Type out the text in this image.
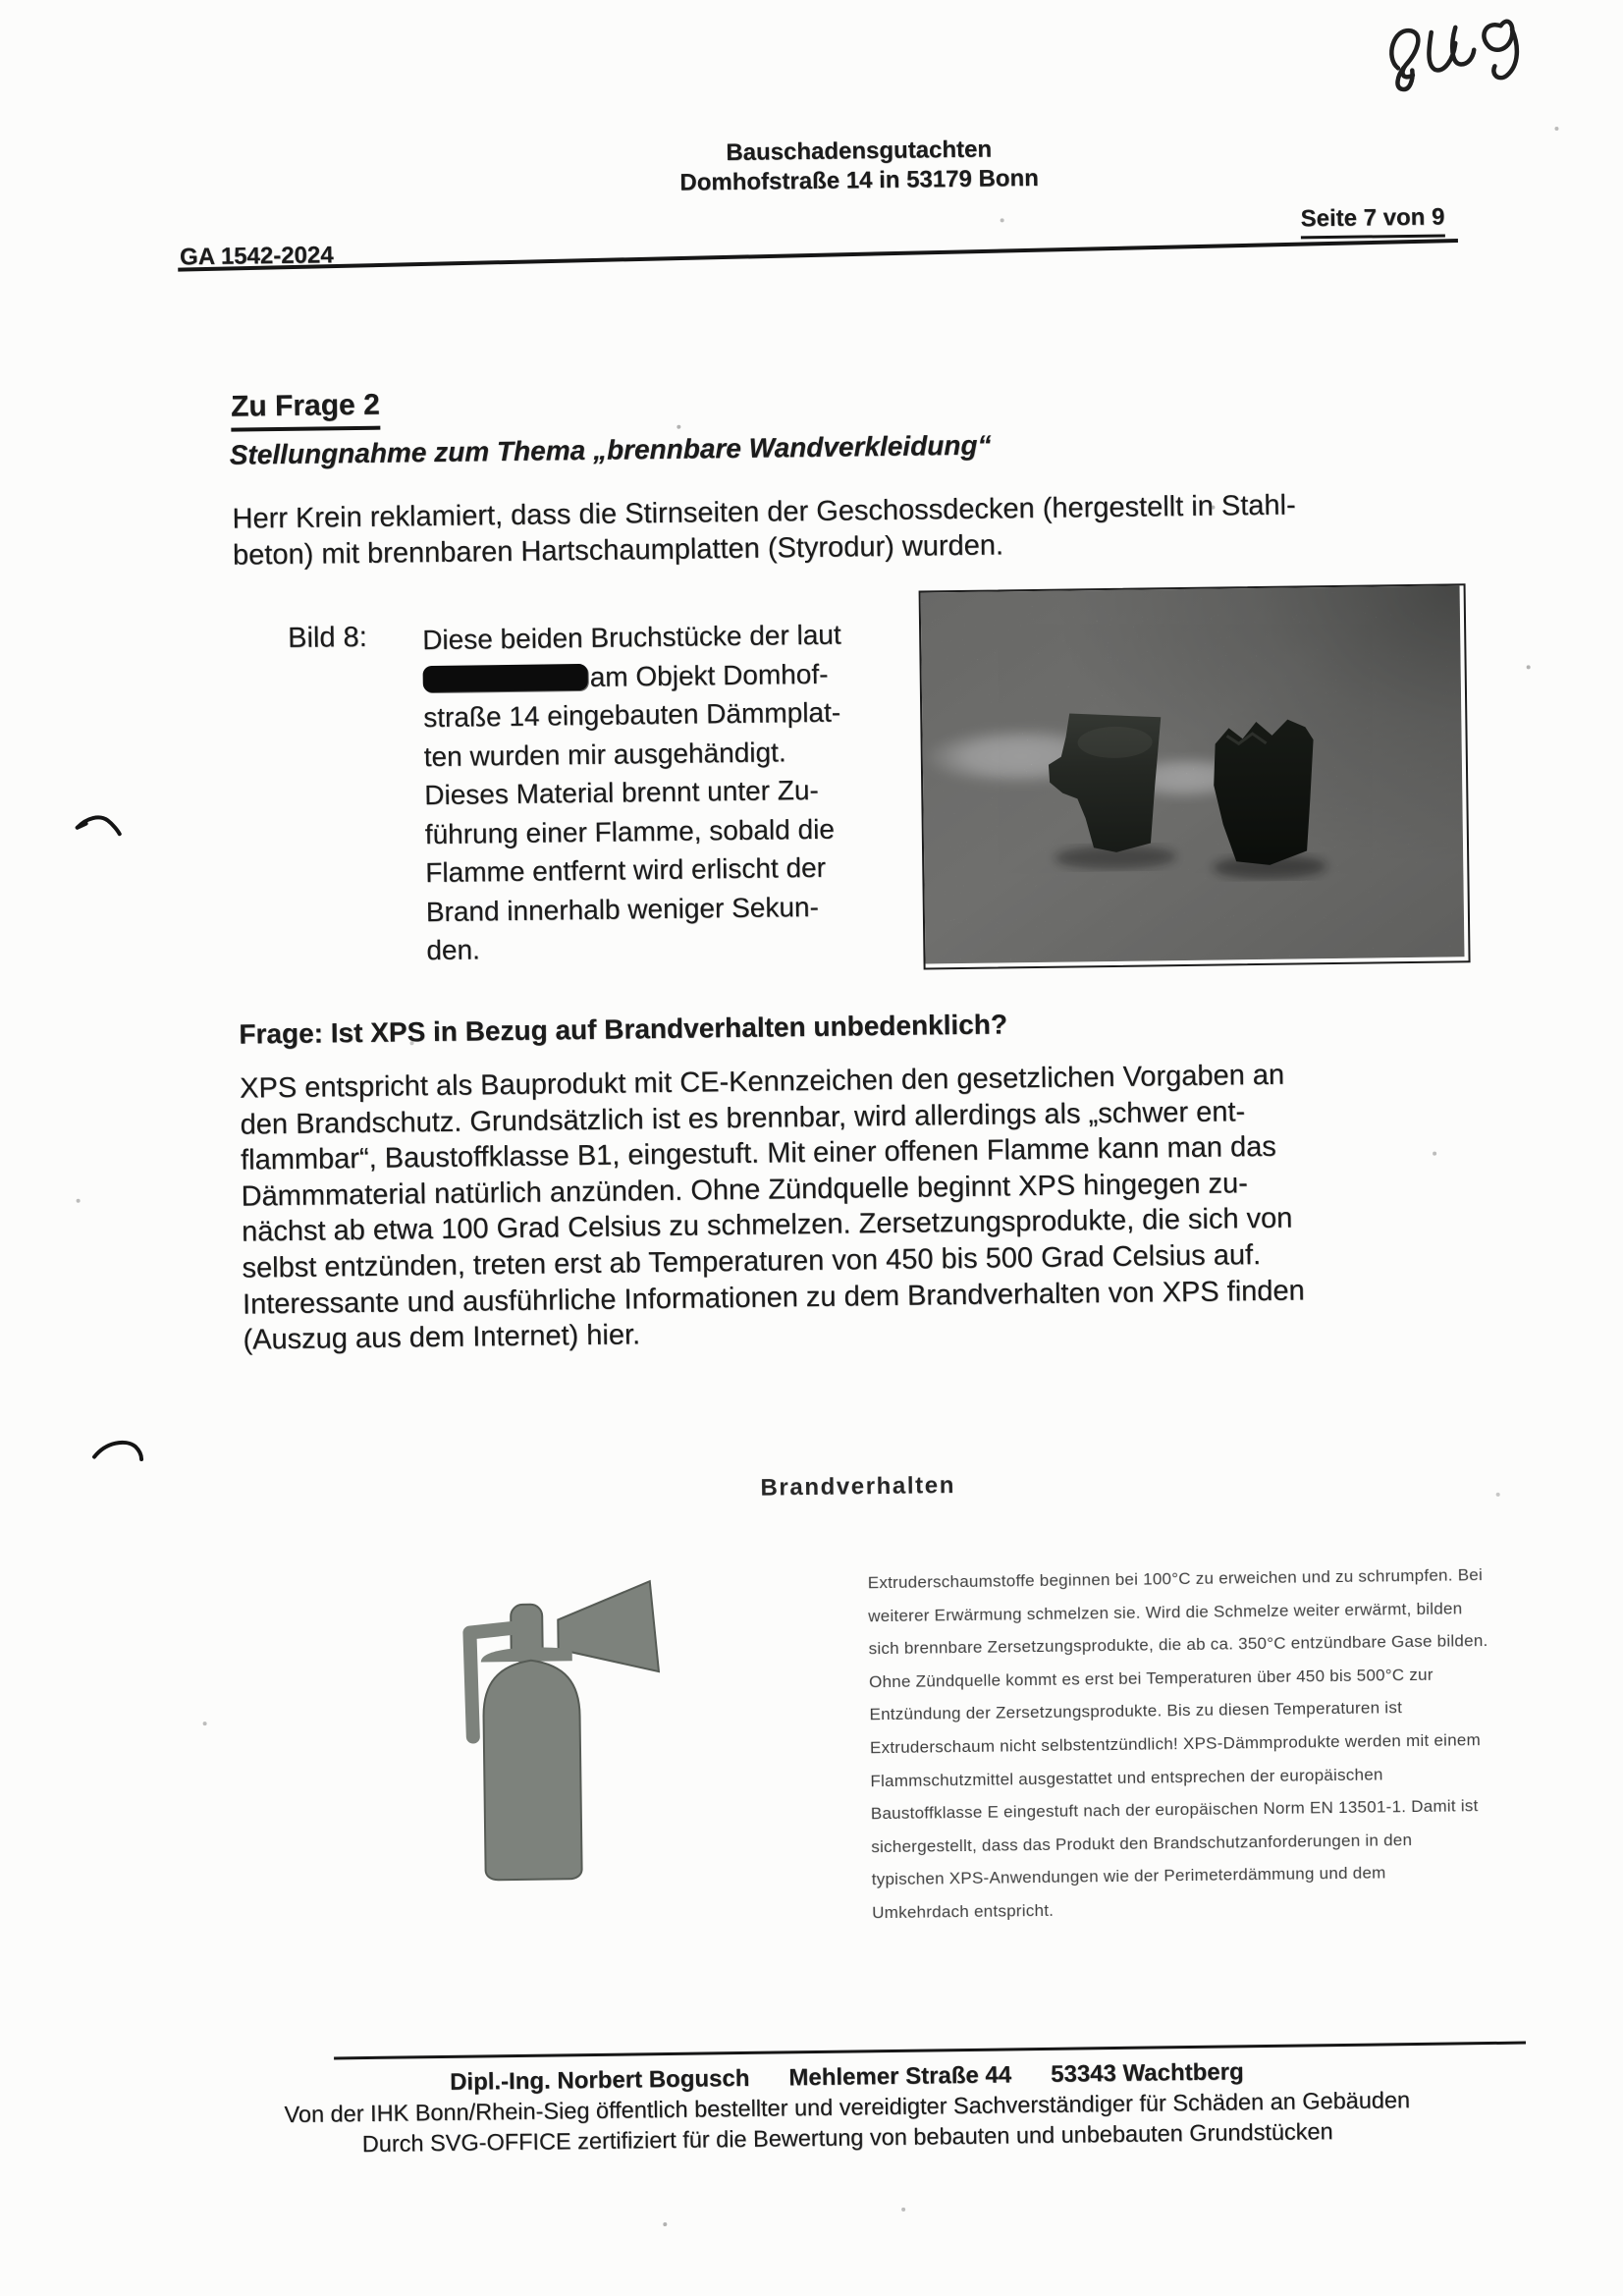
Bauschadensgutachten
Domhofstraße 14 in 53179 Bonn
GA 1542-2024
Seite 7 von 9
Zu Frage 2
Stellungnahme zum Thema „brennbare Wandverkleidung“
Herr Krein reklamiert, dass die Stirnseiten der Geschossdecken (hergestellt in Stahl-
beton) mit brennbaren Hartschaumplatten (Styrodur) wurden.
Bild 8: Diese beiden Bruchstücke der laut
am Objekt Domhof-
straße 14 eingebauten Dämmplat-
ten wurden mir ausgehändigt.
Dieses Material brennt unter Zu-
führung einer Flamme, sobald die
Flamme entfernt wird erlischt der
Brand innerhalb weniger Sekun-
den.
Frage: Ist XPS in Bezug auf Brandverhalten unbedenklich?
XPS entspricht als Bauprodukt mit CE-Kennzeichen den gesetzlichen Vorgaben an
den Brandschutz. Grundsätzlich ist es brennbar, wird allerdings als „schwer ent-
flammbar“, Baustoffklasse B1, eingestuft. Mit einer offenen Flamme kann man das
Dämmmaterial natürlich anzünden. Ohne Zündquelle beginnt XPS hingegen zu-
nächst ab etwa 100 Grad Celsius zu schmelzen. Zersetzungsprodukte, die sich von
selbst entzünden, treten erst ab Temperaturen von 450 bis 500 Grad Celsius auf.
Interessante und ausführliche Informationen zu dem Brandverhalten von XPS finden
(Auszug aus dem Internet) hier.
Brandverhalten
Extruderschaumstoffe beginnen bei 100°C zu erweichen und zu schrumpfen. Bei
weiterer Erwärmung schmelzen sie. Wird die Schmelze weiter erwärmt, bilden
sich brennbare Zersetzungsprodukte, die ab ca. 350°C entzündbare Gase bilden.
Ohne Zündquelle kommt es erst bei Temperaturen über 450 bis 500°C zur
Entzündung der Zersetzungsprodukte. Bis zu diesen Temperaturen ist
Extruderschaum nicht selbstentzündlich! XPS-Dämmprodukte werden mit einem
Flammschutzmittel ausgestattet und entsprechen der europäischen
Baustoffklasse E eingestuft nach der europäischen Norm EN 13501-1. Damit ist
sichergestellt, dass das Produkt den Brandschutzanforderungen in den
typischen XPS-Anwendungen wie der Perimeterdämmung und dem
Umkehrdach entspricht.
Dipl.-Ing. Norbert Bogusch      Mehlemer Straße 44      53343 Wachtberg
Von der IHK Bonn/Rhein-Sieg öffentlich bestellter und vereidigter Sachverständiger für Schäden an Gebäuden
Durch SVG-OFFICE zertifiziert für die Bewertung von bebauten und unbebauten Grundstücken
